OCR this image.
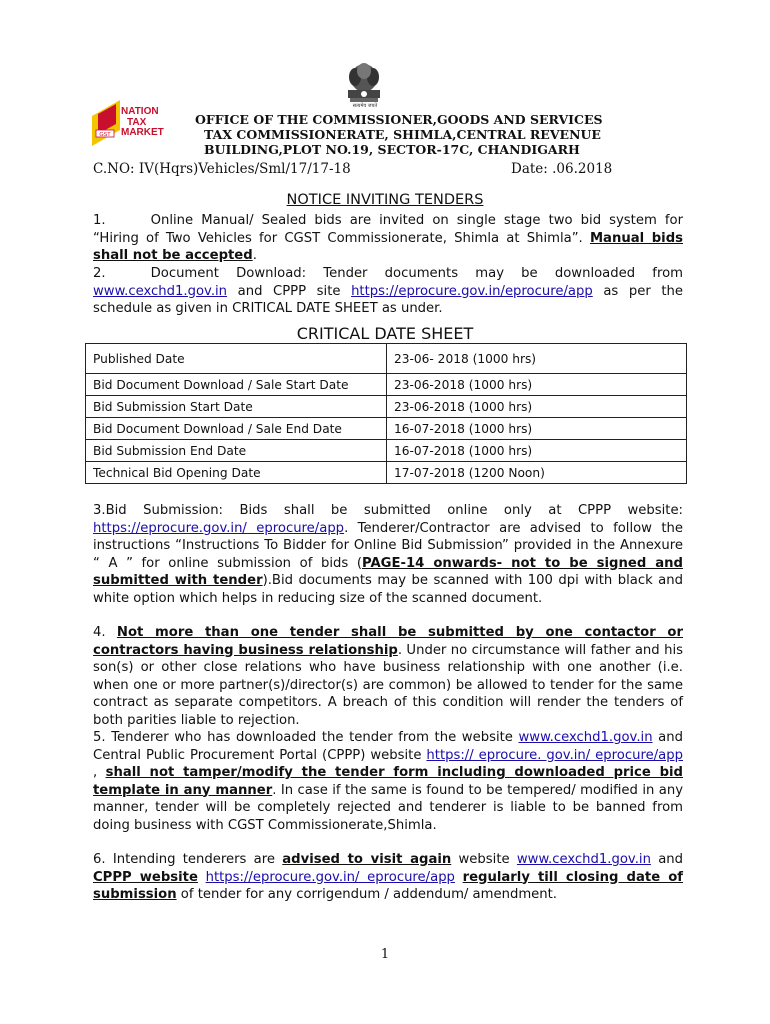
सत्यमेव जयते
GST
NATION
TAX
MARKET
OFFICE OF THE COMMISSIONER,GOODS AND SERVICES
TAX COMMISSIONERATE, SHIMLA,CENTRAL REVENUE
BUILDING,PLOT NO.19, SECTOR-17C, CHANDIGARH
C.NO: IV(Hqrs)Vehicles/Sml/17/17-18	Date: .06.2018
NOTICE INVITING TENDERS
1.	Online Manual/ Sealed bids are invited on single stage two bid system for “Hiring of Two Vehicles for CGST Commissionerate, Shimla at Shimla”. Manual bids shall not be accepted.
2.	Document Download: Tender documents may be downloaded from www.cexchd1.gov.in and CPPP site https://eprocure.gov.in/eprocure/app as per the schedule as given in CRITICAL DATE SHEET as under.
CRITICAL DATE SHEET
Published Date	23-06- 2018 (1000 hrs)
Bid Document Download / Sale Start Date	23-06-2018 (1000 hrs)
Bid Submission Start Date	23-06-2018 (1000 hrs)
Bid Document Download / Sale End Date	16-07-2018 (1000 hrs)
Bid Submission End Date	16-07-2018 (1000 hrs)
Technical Bid Opening Date	17-07-2018 (1200 Noon)
3.Bid Submission: Bids shall be submitted online only at CPPP website: https://eprocure.gov.in/ eprocure/app. Tenderer/Contractor are advised to follow the instructions “Instructions To Bidder for Online Bid Submission” provided in the Annexure “ A ” for online submission of bids (PAGE-14 onwards- not to be signed and submitted with tender).Bid documents may be scanned with 100 dpi with black and white option which helps in reducing size of the scanned document.
4. Not more than one tender shall be submitted by one contactor or contractors having business relationship. Under no circumstance will father and his son(s) or other close relations who have business relationship with one another (i.e. when one or more partner(s)/director(s) are common) be allowed to tender for the same contract as separate competitors. A breach of this condition will render the tenders of both parities liable to rejection.
5. Tenderer who has downloaded the tender from the website www.cexchd1.gov.in and Central Public Procurement Portal (CPPP) website https:// eprocure. gov.in/ eprocure/app , shall not tamper/modify the tender form including downloaded price bid template in any manner. In case if the same is found to be tempered/ modified in any manner, tender will be completely rejected and tenderer is liable to be banned from doing business with CGST Commissionerate,Shimla.
6. Intending tenderers are advised to visit again website www.cexchd1.gov.in and CPPP website https://eprocure.gov.in/ eprocure/app regularly till closing date of submission of tender for any corrigendum / addendum/ amendment.
1
